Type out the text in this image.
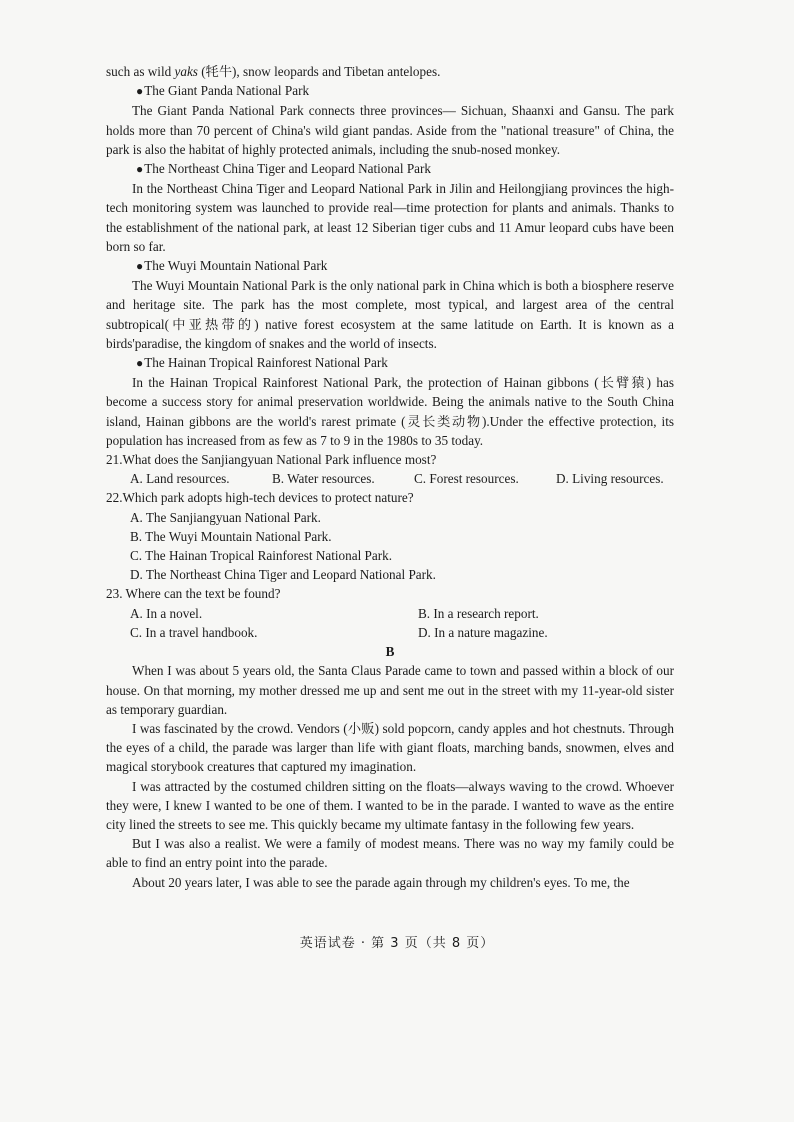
such as wild yaks (牦牛), snow leopards and Tibetan antelopes.

●The Giant Panda National Park

The Giant Panda National Park connects three provinces— Sichuan, Shaanxi and Gansu. The park holds more than 70 percent of China's wild giant pandas. Aside from the "national treasure" of China, the park is also the habitat of highly protected animals, including the snub-nosed monkey.

●The Northeast China Tiger and Leopard National Park

In the Northeast China Tiger and Leopard National Park in Jilin and Heilongjiang provinces the high-tech monitoring system was launched to provide real—time protection for plants and animals. Thanks to the establishment of the national park, at least 12 Siberian tiger cubs and 11 Amur leopard cubs have been born so far.

●The Wuyi Mountain National Park

The Wuyi Mountain National Park is the only national park in China which is both a biosphere reserve and heritage site. The park has the most complete, most typical, and largest area of the central subtropical(中亚热带的) native forest ecosystem at the same latitude on Earth. It is known as a birds'paradise, the kingdom of snakes and the world of insects.

●The Hainan Tropical Rainforest National Park

In the Hainan Tropical Rainforest National Park, the protection of Hainan gibbons (长臂猿) has become a success story for animal preservation worldwide. Being the animals native to the South China island, Hainan gibbons are the world's rarest primate (灵长类动物).Under the effective protection, its population has increased from as few as 7 to 9 in the 1980s to 35 today.

21.What does the Sanjiangyuan National Park influence most?

A. Land resources.	B. Water resources.	C. Forest resources.	D. Living resources.

22.Which park adopts high-tech devices to protect nature?

A. The Sanjiangyuan National Park.

B. The Wuyi Mountain National Park.

C. The Hainan Tropical Rainforest National Park.

D. The Northeast China Tiger and Leopard National Park.

23. Where can the text be found?

A. In a novel.	B. In a research report.
C. In a travel handbook.	D. In a nature magazine.

B

When I was about 5 years old, the Santa Claus Parade came to town and passed within a block of our house. On that morning, my mother dressed me up and sent me out in the street with my 11-year-old sister as temporary guardian.

I was fascinated by the crowd. Vendors (小贩) sold popcorn, candy apples and hot chestnuts. Through the eyes of a child, the parade was larger than life with giant floats, marching bands, snowmen, elves and magical storybook creatures that captured my imagination.

I was attracted by the costumed children sitting on the floats—always waving to the crowd. Whoever they were, I knew I wanted to be one of them. I wanted to be in the parade. I wanted to wave as the entire city lined the streets to see me. This quickly became my ultimate fantasy in the following few years.

But I was also a realist. We were a family of modest means. There was no way my family could be able to find an entry point into the parade.

About 20 years later, I was able to see the parade again through my children's eyes. To me, the

英语试卷 · 第 3 页（共 8 页）
